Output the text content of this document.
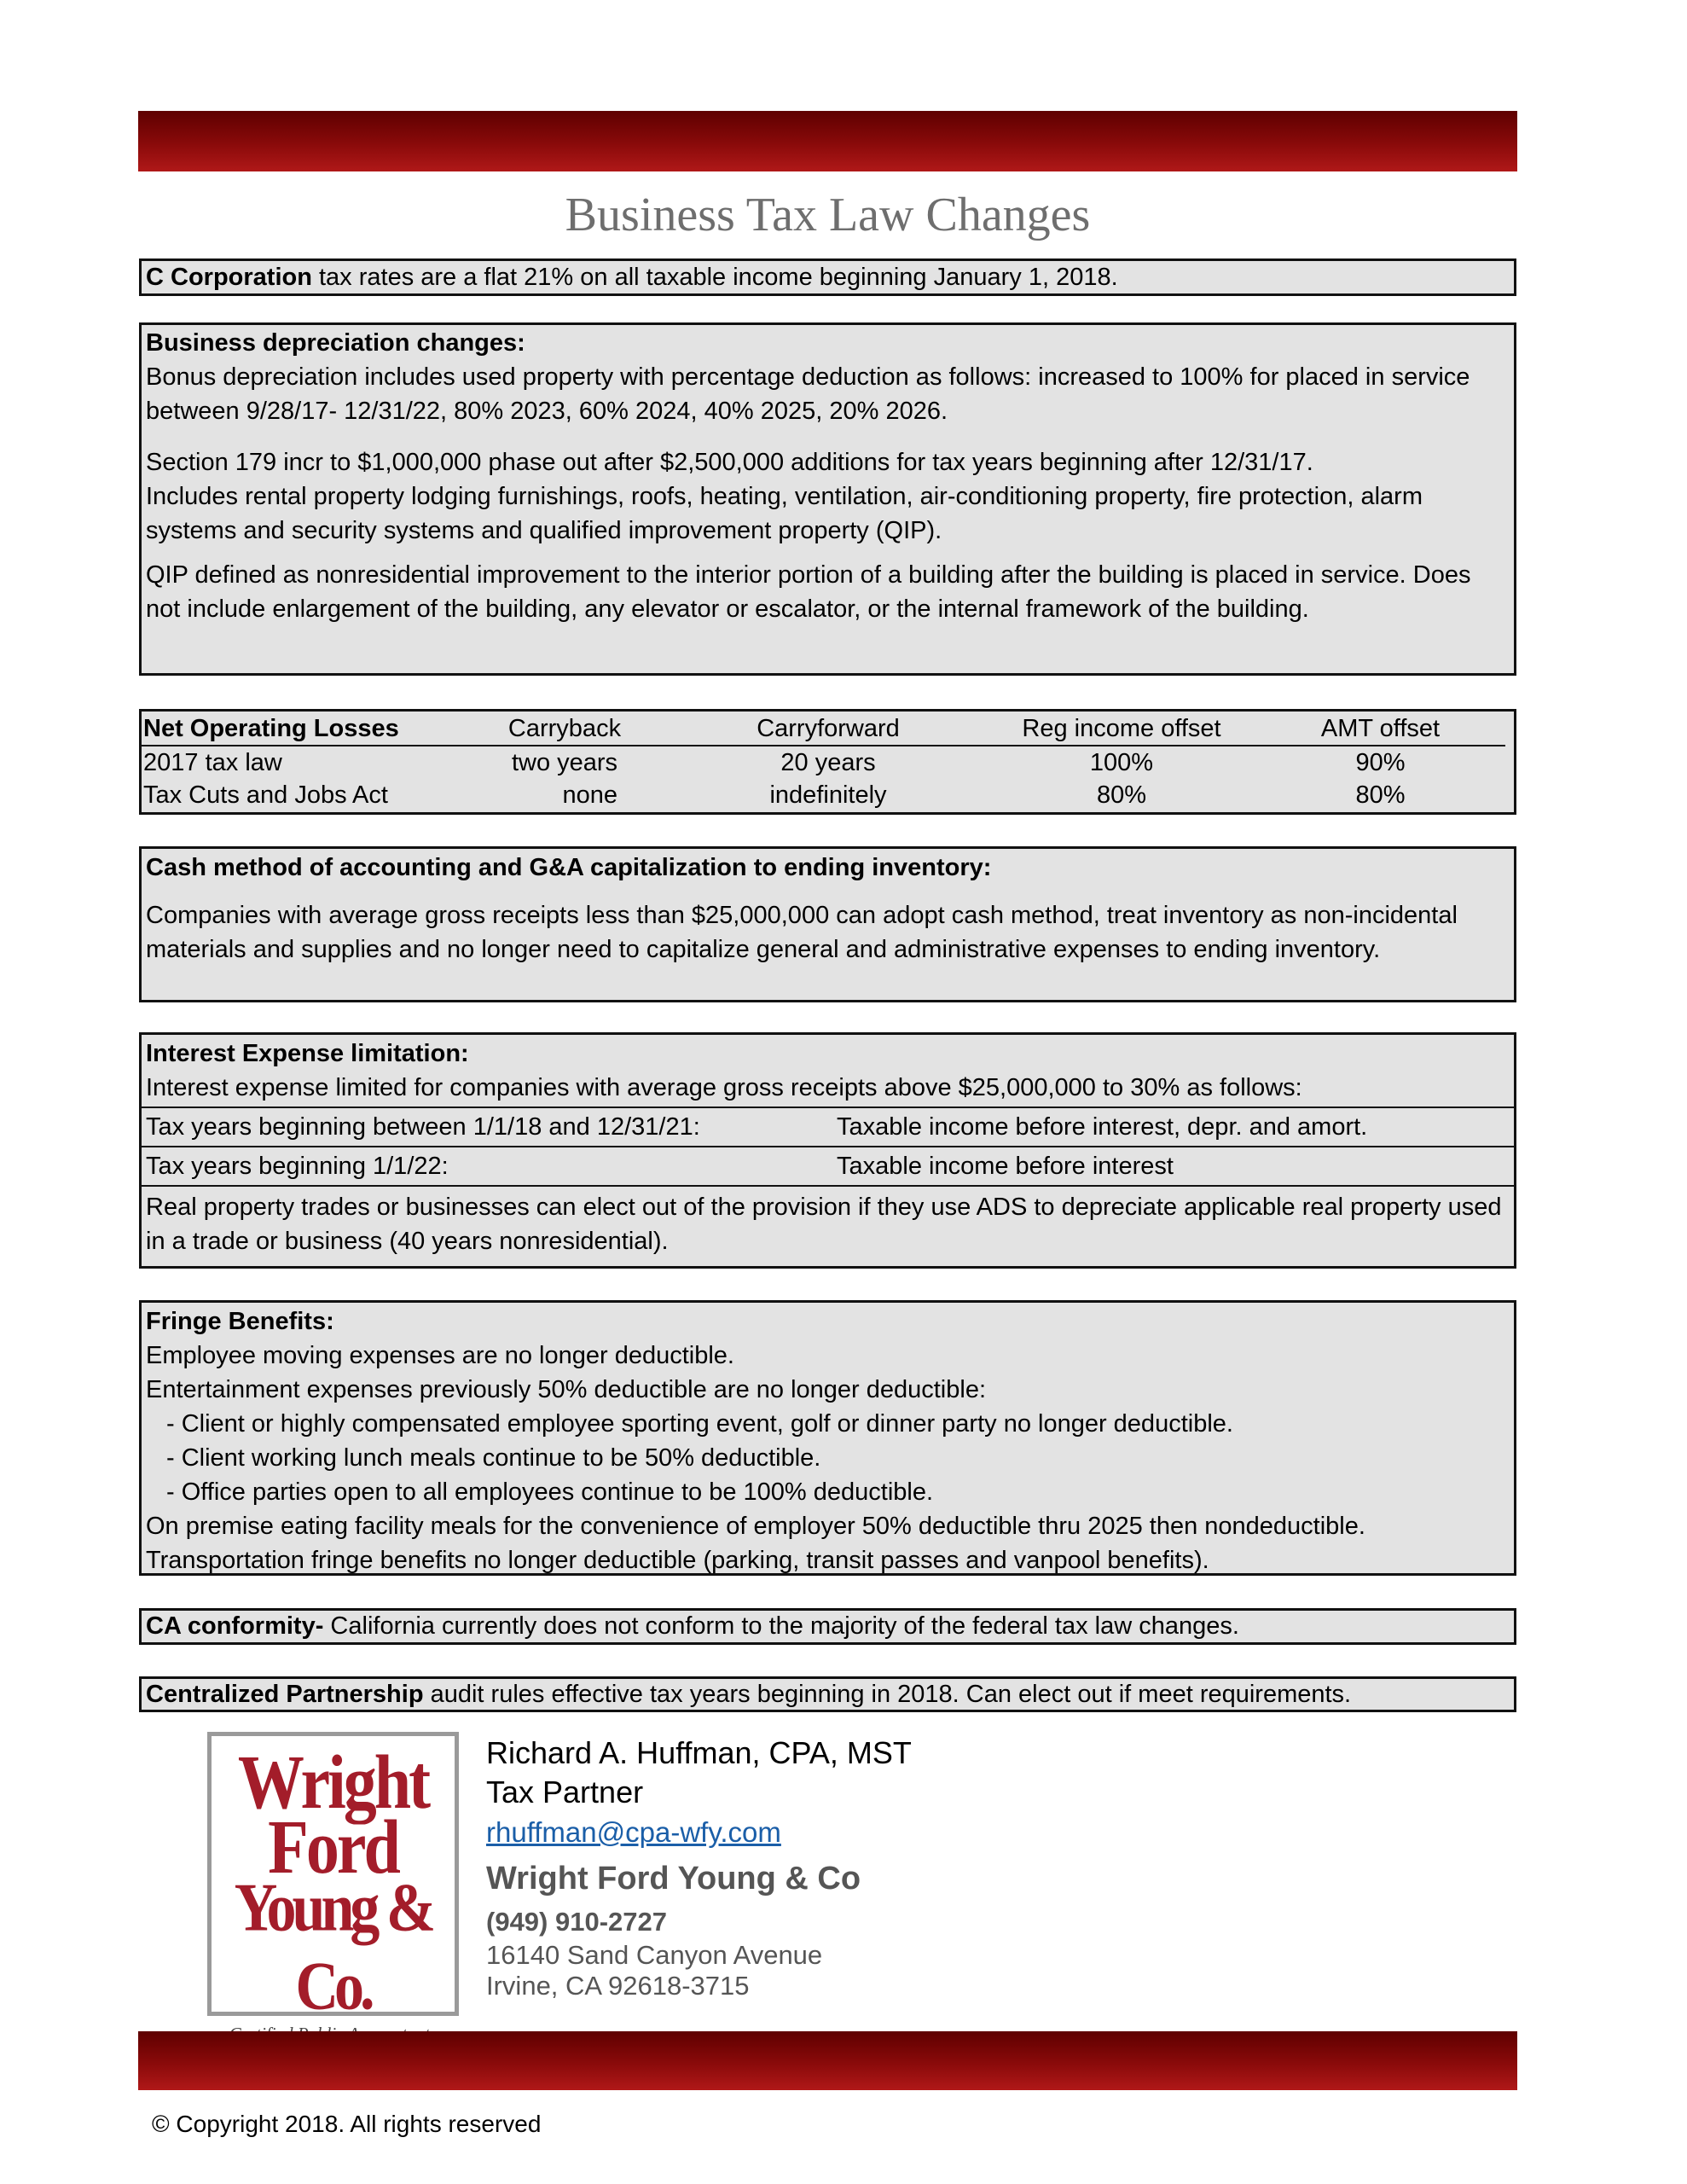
Business Tax Law Changes

C Corporation tax rates are a flat 21% on all taxable income beginning January 1, 2018.

Business depreciation changes:

Bonus depreciation includes used property with percentage deduction as follows: increased to 100% for placed in service between 9/28/17- 12/31/22, 80% 2023, 60% 2024, 40% 2025, 20% 2026.

Section 179 incr to $1,000,000 phase out after $2,500,000 additions for tax years beginning after 12/31/17.

Includes rental property lodging furnishings, roofs, heating, ventilation, air-conditioning property, fire protection, alarm systems and security systems and qualified improvement property (QIP).

QIP defined as nonresidential improvement to the interior portion of a building after the building is placed in service. Does not include enlargement of the building, any elevator or escalator, or the internal framework of the building.

Net Operating Losses	Carryback	Carryforward	Reg income offset	AMT offset
2017 tax law	two years	20 years	100%	90%
Tax Cuts and Jobs Act	none	indefinitely	80%	80%

Cash method of accounting and G&A capitalization to ending inventory:

Companies with average gross receipts less than $25,000,000 can adopt cash method, treat inventory as non-incidental materials and supplies and no longer need to capitalize general and administrative expenses to ending inventory.

Interest Expense limitation:

Interest expense limited for companies with average gross receipts above $25,000,000 to 30% as follows:

Tax years beginning between 1/1/18 and 12/31/21:	Taxable income before interest, depr. and amort.
Tax years beginning 1/1/22:	Taxable income before interest

Real property trades or businesses can elect out of the provision if they use ADS to depreciate applicable real property used in a trade or business (40 years nonresidential).

Fringe Benefits:

Employee moving expenses are no longer deductible.

Entertainment expenses previously 50% deductible are no longer deductible:

- Client or highly compensated employee sporting event, golf or dinner party no longer deductible.

- Client working lunch meals continue to be 50% deductible.

- Office parties open to all employees continue to be 100% deductible.

On premise eating facility meals for the convenience of employer 50% deductible thru 2025 then nondeductible.

Transportation fringe benefits no longer deductible (parking, transit passes and vanpool benefits).

CA conformity- California currently does not conform to the majority of the federal tax law changes.

Centralized Partnership audit rules effective tax years beginning in 2018. Can elect out if meet requirements.

Wright
Ford
Young & Co.
Richard A. Huffman, CPA, MST
Tax Partner
rhuffman@cpa-wfy.com
Wright Ford Young & Co
(949) 910-2727
16140 Sand Canyon Avenue
Irvine, CA 92618-3715
© Copyright 2018. All rights reserved
